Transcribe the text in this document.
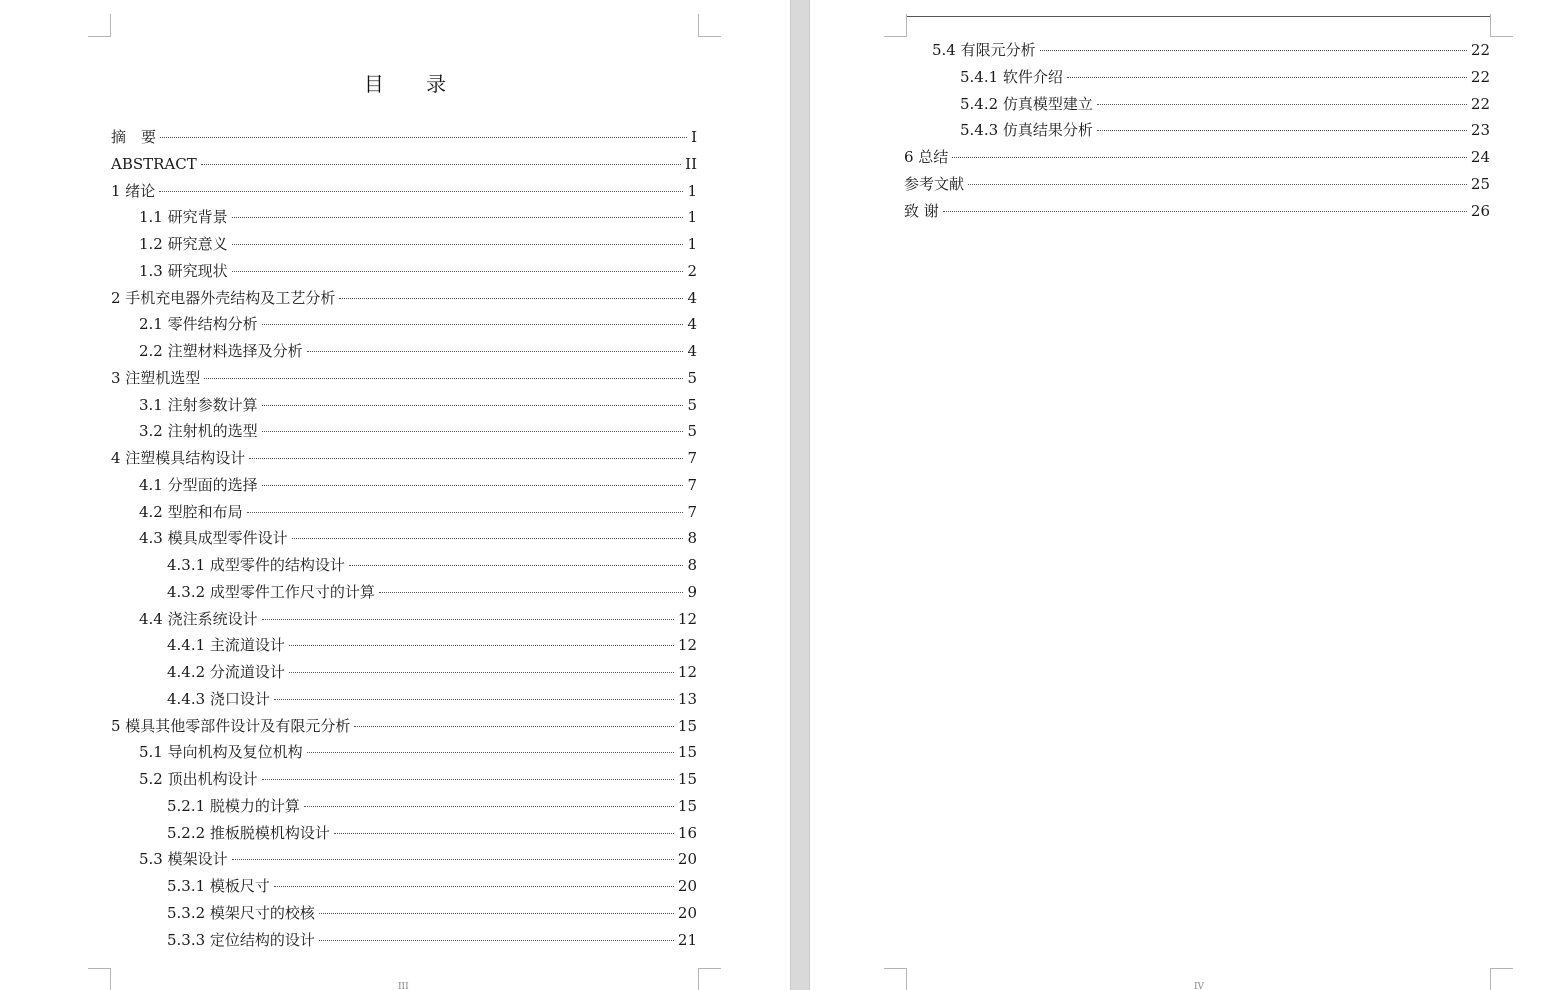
目 录
摘　要	I
ABSTRACT	II
1 绪论	1
1.1 研究背景	1
1.2 研究意义	1
1.3 研究现状	2
2 手机充电器外壳结构及工艺分析	4
2.1 零件结构分析	4
2.2 注塑材料选择及分析	4
3 注塑机选型	5
3.1 注射参数计算	5
3.2 注射机的选型	5
4 注塑模具结构设计	7
4.1 分型面的选择	7
4.2 型腔和布局	7
4.3 模具成型零件设计	8
4.3.1 成型零件的结构设计	8
4.3.2 成型零件工作尺寸的计算	9
4.4 浇注系统设计	12
4.4.1 主流道设计	12
4.4.2 分流道设计	12
4.4.3 浇口设计	13
5 模具其他零部件设计及有限元分析	15
5.1 导向机构及复位机构	15
5.2 顶出机构设计	15
5.2.1 脱模力的计算	15
5.2.2 推板脱模机构设计	16
5.3 模架设计	20
5.3.1 模板尺寸	20
5.3.2 模架尺寸的校核	20
5.3.3 定位结构的设计	21
III
5.4 有限元分析	22
5.4.1 软件介绍	22
5.4.2 仿真模型建立	22
5.4.3 仿真结果分析	23
6 总结	24
参考文献	25
致 谢	26
IV
